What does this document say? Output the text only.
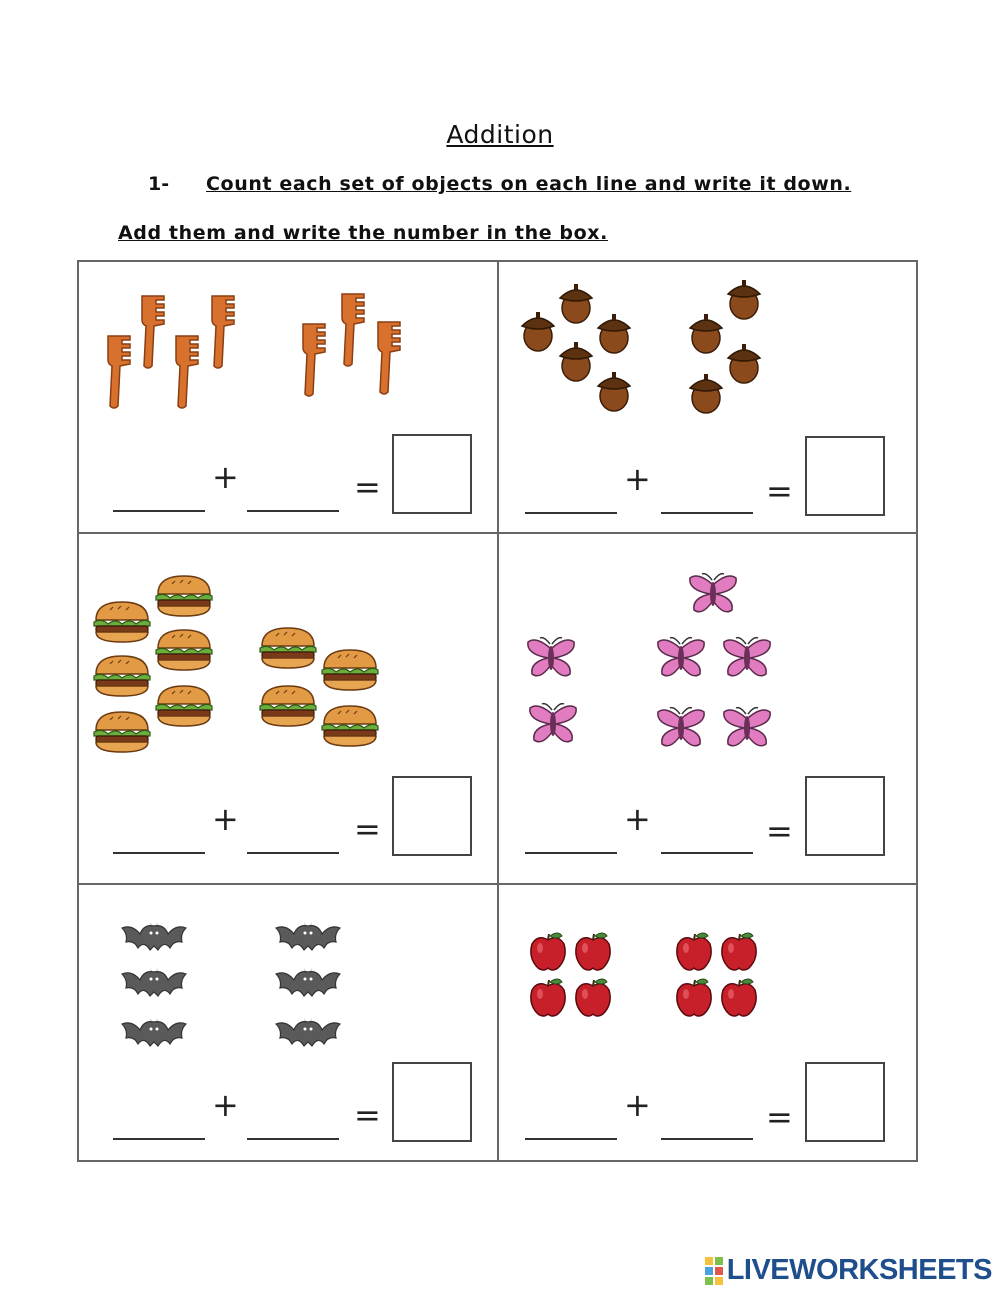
Addition
1- Count each set of objects on each line and write it down.
Add them and write the number in the box.
+	=	+	=
+	=	+	=
+	=	+	=
LIVEWORKSHEETS
